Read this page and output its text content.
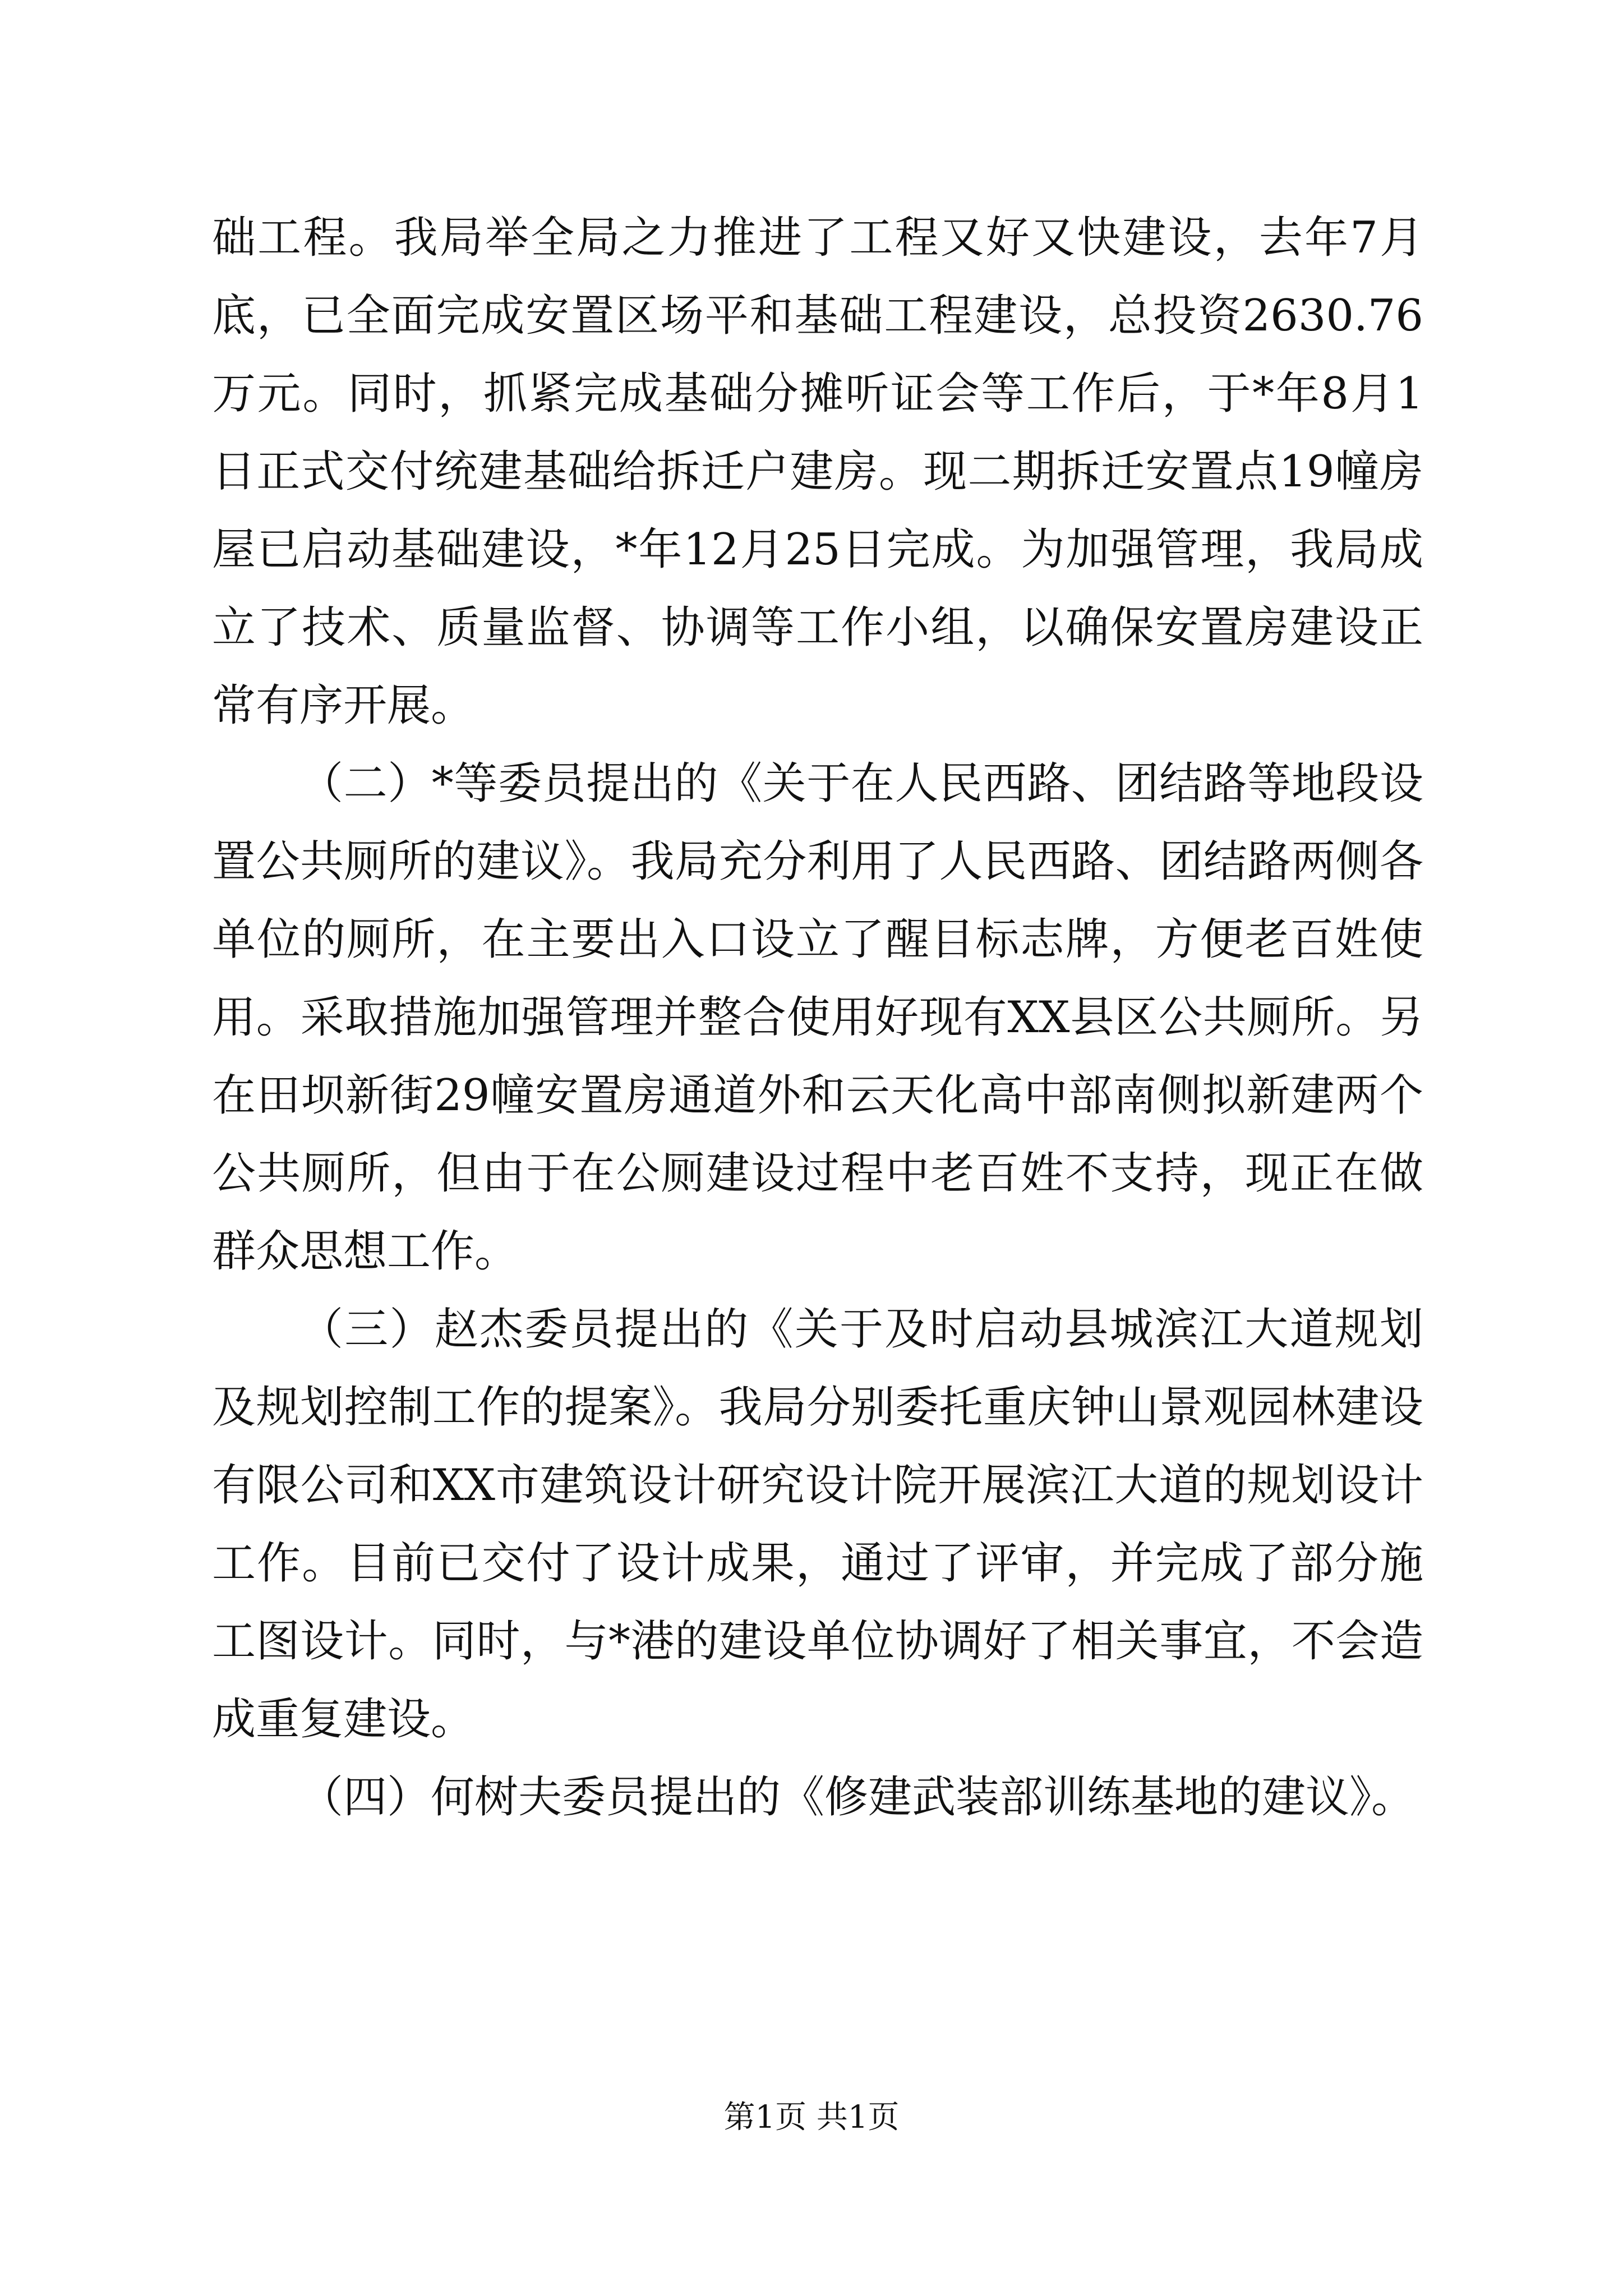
础工程。我局举全局之力推进了工程又好又快建设，去年7月底，已全面完成安置区场平和基础工程建设，总投资2630.76万元。同时，抓紧完成基础分摊听证会等工作后，于*年8月1日正式交付统建基础给拆迁户建房。现二期拆迁安置点19幢房屋已启动基础建设，*年12月25日完成。为加强管理，我局成立了技术、质量监督、协调等工作小组，以确保安置房建设正常有序开展。

（二）*等委员提出的《关于在人民西路、团结路等地段设置公共厕所的建议》。我局充分利用了人民西路、团结路两侧各单位的厕所，在主要出入口设立了醒目标志牌，方便老百姓使用。采取措施加强管理并整合使用好现有XX县区公共厕所。另在田坝新街29幢安置房通道外和云天化高中部南侧拟新建两个公共厕所，但由于在公厕建设过程中老百姓不支持，现正在做群众思想工作。

（三）赵杰委员提出的《关于及时启动县城滨江大道规划及规划控制工作的提案》。我局分别委托重庆钟山景观园林建设有限公司和XX市建筑设计研究设计院开展滨江大道的规划设计工作。目前已交付了设计成果，通过了评审，并完成了部分施工图设计。同时，与*港的建设单位协调好了相关事宜，不会造成重复建设。

（四）何树夫委员提出的《修建武装部训练基地的建议》。

第1页 共1页
